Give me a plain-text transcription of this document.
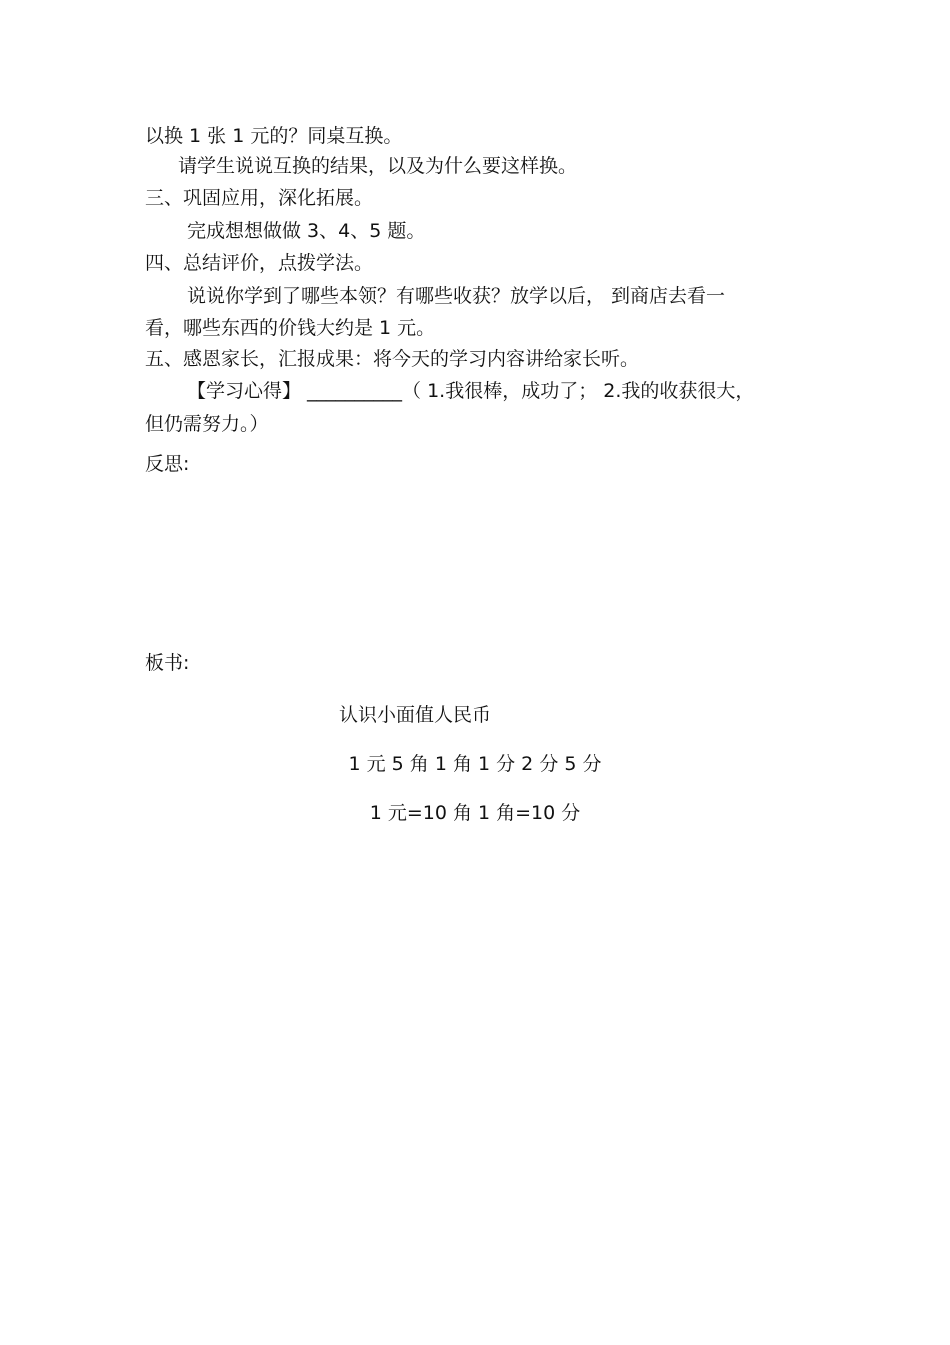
以换 1 张 1 元的？同桌互换。
请学生说说互换的结果，以及为什么要这样换。
三、巩固应用，深化拓展。
完成想想做做 3、4、5 题。
四、总结评价，点拨学法。
说说你学到了哪些本领？有哪些收获？放学以后， 到商店去看一
看，哪些东西的价钱大约是 1 元。
五、感恩家长，汇报成果：将今天的学习内容讲给家长听。
【学习心得】 __________（ 1.我很棒，成功了； 2.我的收获很大，
但仍需努力。）
反思:
板书:
认识小面值人民币
1 元 5 角 1 角 1 分 2 分 5 分
1 元=10 角 1 角=10 分
